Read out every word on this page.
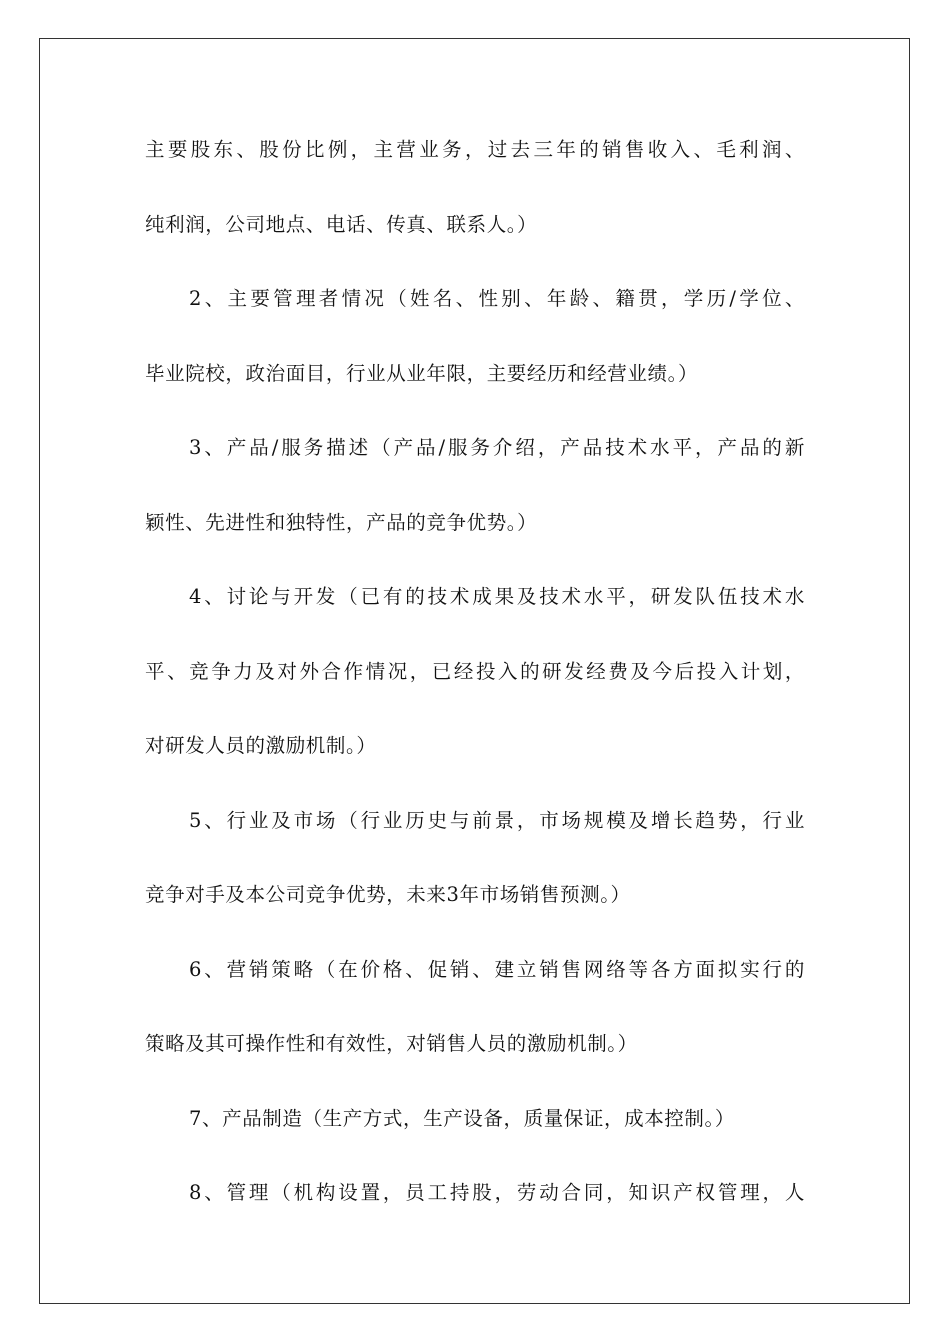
主要股东、股份比例，主营业务，过去三年的销售收入、毛利润、
纯利润，公司地点、电话、传真、联系人。）
2、主要管理者情况（姓名、性别、年龄、籍贯，学历/学位、
毕业院校，政治面目，行业从业年限，主要经历和经营业绩。）
3、产品/服务描述（产品/服务介绍，产品技术水平，产品的新
颖性、先进性和独特性，产品的竞争优势。）
4、讨论与开发（已有的技术成果及技术水平，研发队伍技术水
平、竞争力及对外合作情况，已经投入的研发经费及今后投入计划，
对研发人员的激励机制。）
5、行业及市场（行业历史与前景，市场规模及增长趋势，行业
竞争对手及本公司竞争优势，未来3年市场销售预测。）
6、营销策略（在价格、促销、建立销售网络等各方面拟实行的
策略及其可操作性和有效性，对销售人员的激励机制。）
7、产品制造（生产方式，生产设备，质量保证，成本控制。）
8、管理（机构设置，员工持股，劳动合同，知识产权管理，人
